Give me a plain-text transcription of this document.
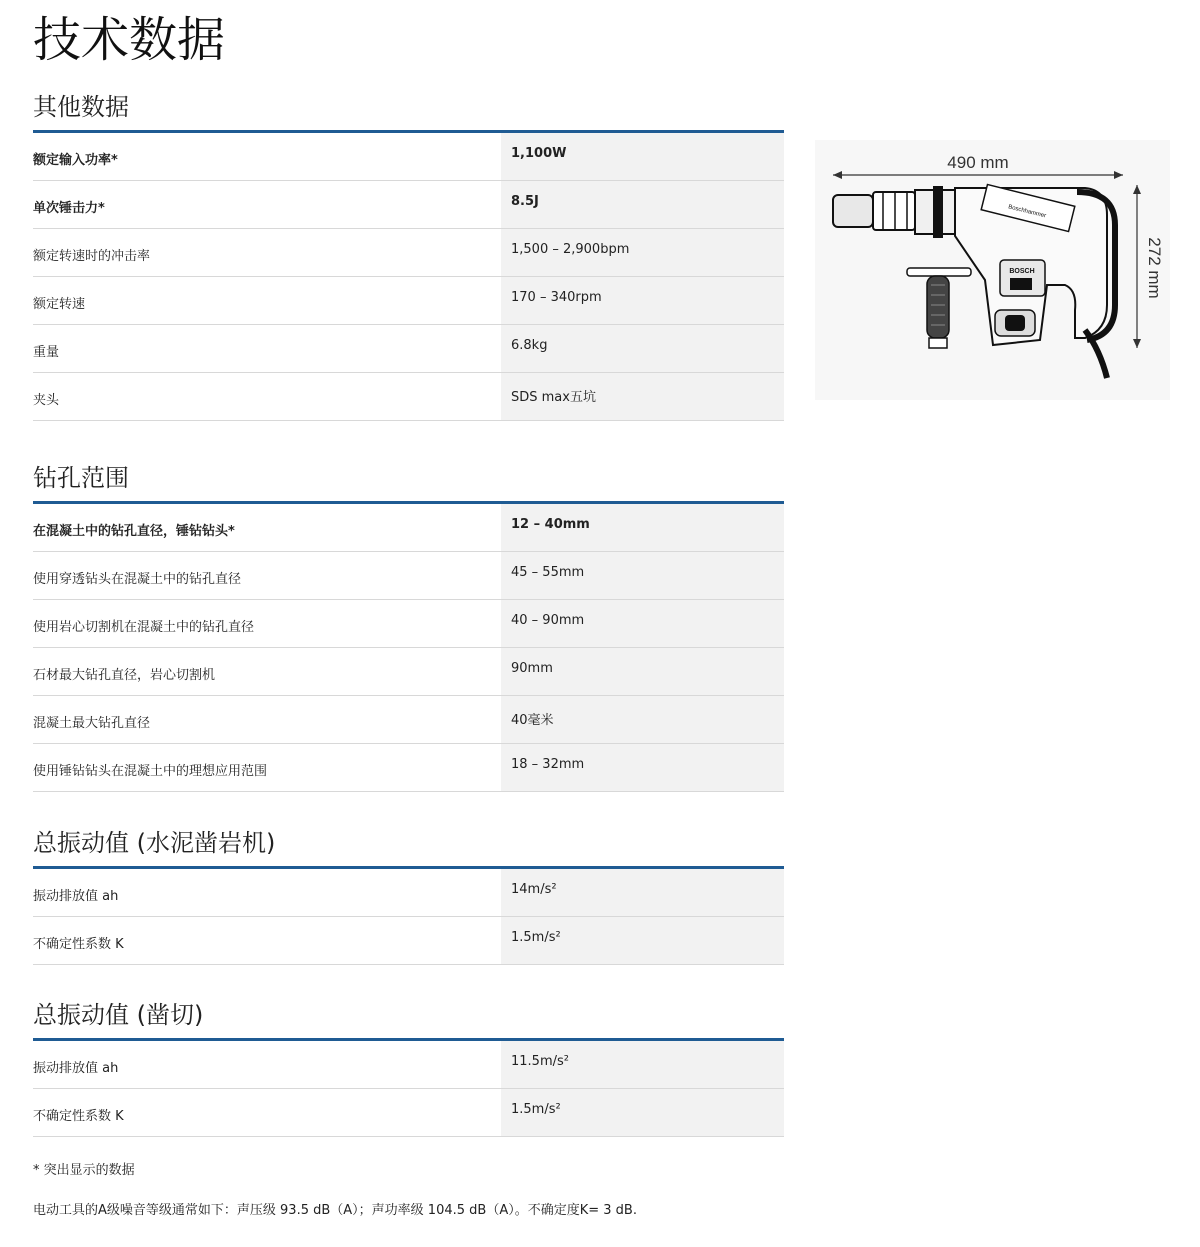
技术数据
其他数据
额定输入功率*	1,100W
单次锤击力*	8.5J
额定转速时的冲击率	1,500 – 2,900bpm
额定转速	170 – 340rpm
重量	6.8kg
夹头	SDS max五坑
钻孔范围
在混凝土中的钻孔直径，锤钻钻头*	12 – 40mm
使用穿透钻头在混凝土中的钻孔直径	45 – 55mm
使用岩心切割机在混凝土中的钻孔直径	40 – 90mm
石材最大钻孔直径，岩心切割机	90mm
混凝土最大钻孔直径	40毫米
使用锤钻钻头在混凝土中的理想应用范围	18 – 32mm
总振动值 (水泥凿岩机)
振动排放值 ah	14m/s²
不确定性系数 K	1.5m/s²
总振动值 (凿切)
振动排放值 ah	11.5m/s²
不确定性系数 K	1.5m/s²

* 突出显示的数据

电动工具的A级噪音等级通常如下：声压级 93.5 dB（A）；声功率级 104.5 dB（A）。不确定度K= 3 dB.

490 mm
272 mm
Boschhammer
BOSCH
